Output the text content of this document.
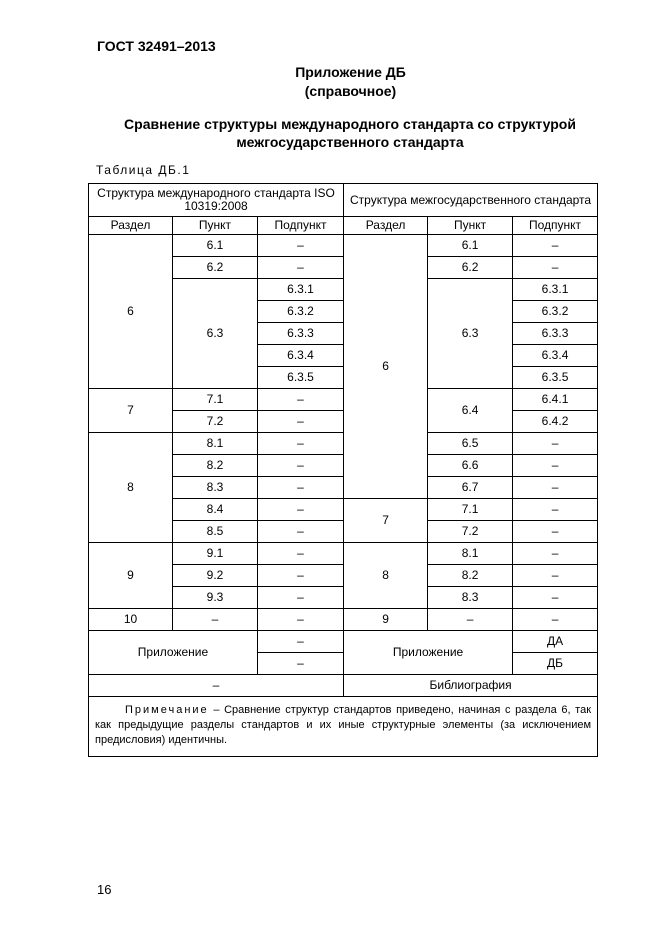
ГОСТ 32491–2013
Приложение ДБ
(справочное)
Сравнение структуры международного стандарта со структурой
межгосударственного стандарта
Таблица ДБ.1
Структура международного стандарта ISO 10319:2008			Структура межгосударственного стандарта		
Раздел	Пункт	Подпункт	Раздел	Пункт	Подпункт
6	6.1	–	6	6.1	–
	6.2	–		6.2	–
	6.3	6.3.1		6.3	6.3.1
		6.3.2			6.3.2
		6.3.3			6.3.3
		6.3.4			6.3.4
		6.3.5			6.3.5
7	7.1	–		6.4	6.4.1
	7.2	–			6.4.2
8	8.1	–		6.5	–
	8.2	–		6.6	–
	8.3	–		6.7	–
	8.4	–	7	7.1	–
	8.5	–		7.2	–
9	9.1	–	8	8.1	–
	9.2	–		8.2	–
	9.3	–		8.3	–
10	–	–	9	–	–
Приложение		–	Приложение		ДА
		–			ДБ
–			Библиография		
Примечание – Сравнение структур стандартов приведено, начиная с раздела 6, так как предыдущие разделы стандартов и их иные структурные элементы (за исключением предисловия) идентичны.					
16
